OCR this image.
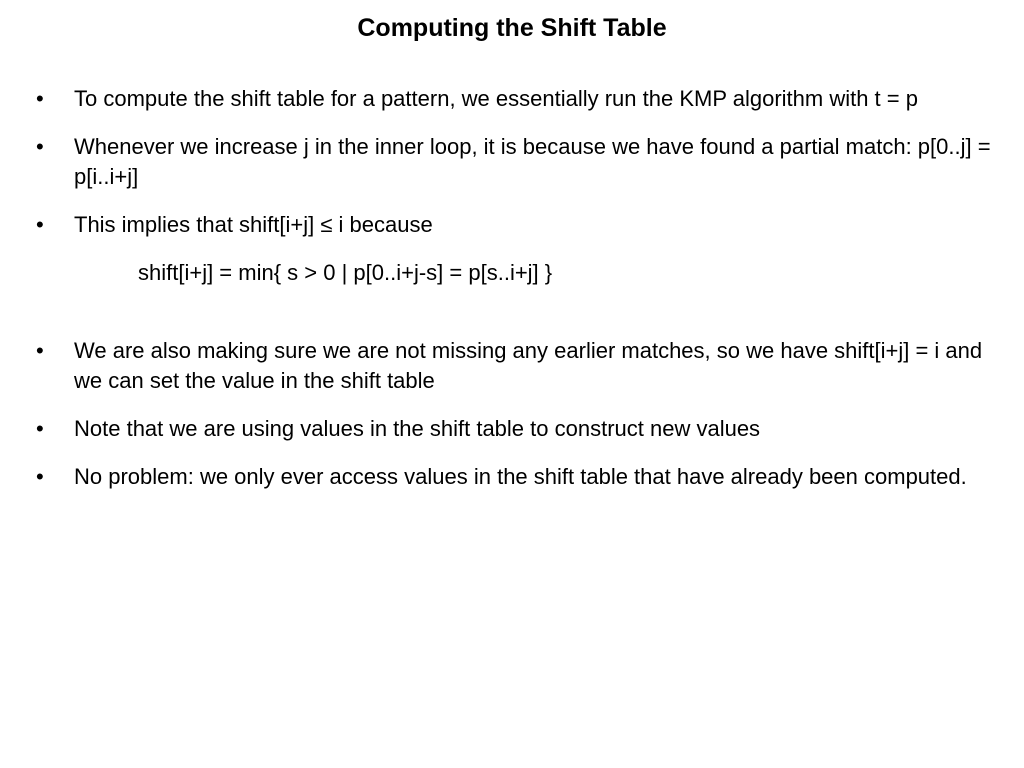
Computing the Shift Table
•	To compute the shift table for a pattern, we essentially run the KMP algorithm with t = p
•	Whenever we increase j in the inner loop, it is because we have found a partial match: p[0..j] = p[i..i+j]
•	This implies that shift[i+j] ≤ i because
shift[i+j] = min{ s > 0 | p[0..i+j-s] = p[s..i+j] }
•	We are also making sure we are not missing any earlier matches, so we have shift[i+j] = i and we can set the value in the shift table
•	Note that we are using values in the shift table to construct new values
•	No problem: we only ever access values in the shift table that have already been computed.
